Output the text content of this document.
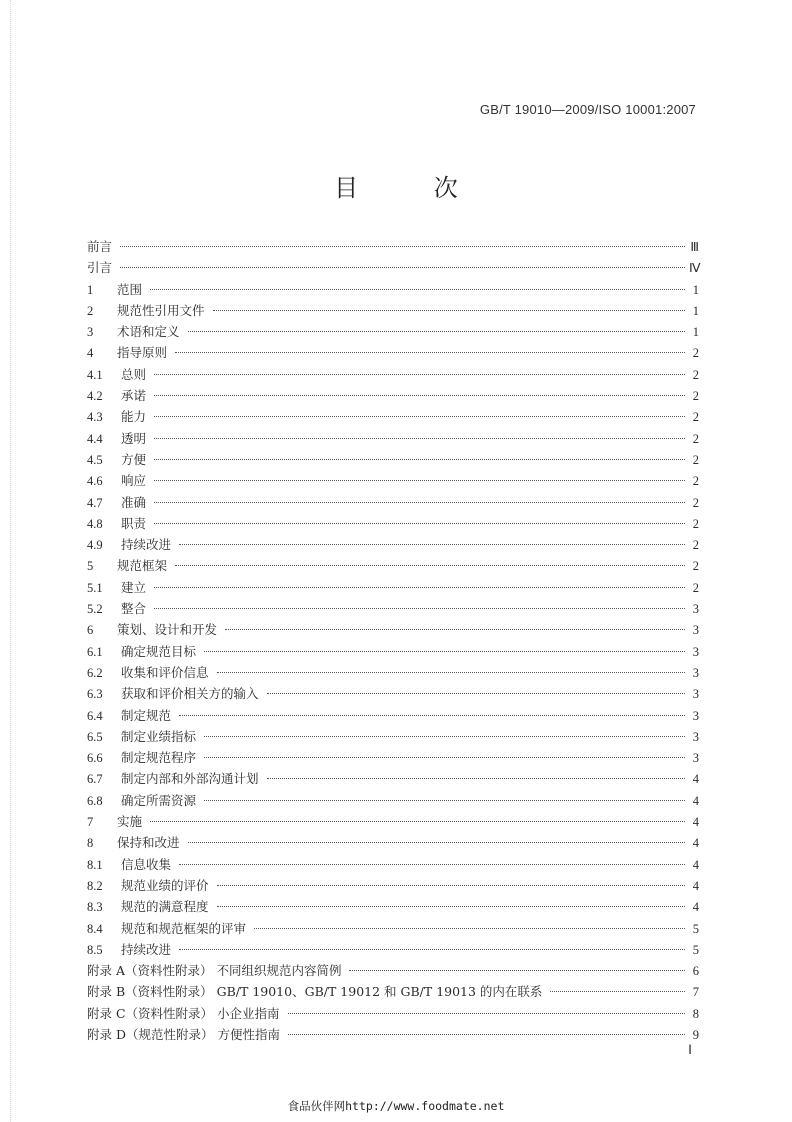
GB/T 19010—2009/ISO 10001:2007
目 次
前言	Ⅲ
引言	Ⅳ
1 范围	1
2 规范性引用文件	1
3 术语和定义	1
4 指导原则	2
4.1 总则	2
4.2 承诺	2
4.3 能力	2
4.4 透明	2
4.5 方便	2
4.6 响应	2
4.7 准确	2
4.8 职责	2
4.9 持续改进	2
5 规范框架	2
5.1 建立	2
5.2 整合	3
6 策划、设计和开发	3
6.1 确定规范目标	3
6.2 收集和评价信息	3
6.3 获取和评价相关方的输入	3
6.4 制定规范	3
6.5 制定业绩指标	3
6.6 制定规范程序	3
6.7 制定内部和外部沟通计划	4
6.8 确定所需资源	4
7 实施	4
8 保持和改进	4
8.1 信息收集	4
8.2 规范业绩的评价	4
8.3 规范的满意程度	4
8.4 规范和规范框架的评审	5
8.5 持续改进	5
附录 A（资料性附录） 不同组织规范内容简例	6
附录 B（资料性附录） GB/T 19010、GB/T 19012 和 GB/T 19013 的内在联系	7
附录 C（资料性附录） 小企业指南	8
附录 D（规范性附录） 方便性指南	9
Ⅰ
食品伙伴网http://www.foodmate.net
